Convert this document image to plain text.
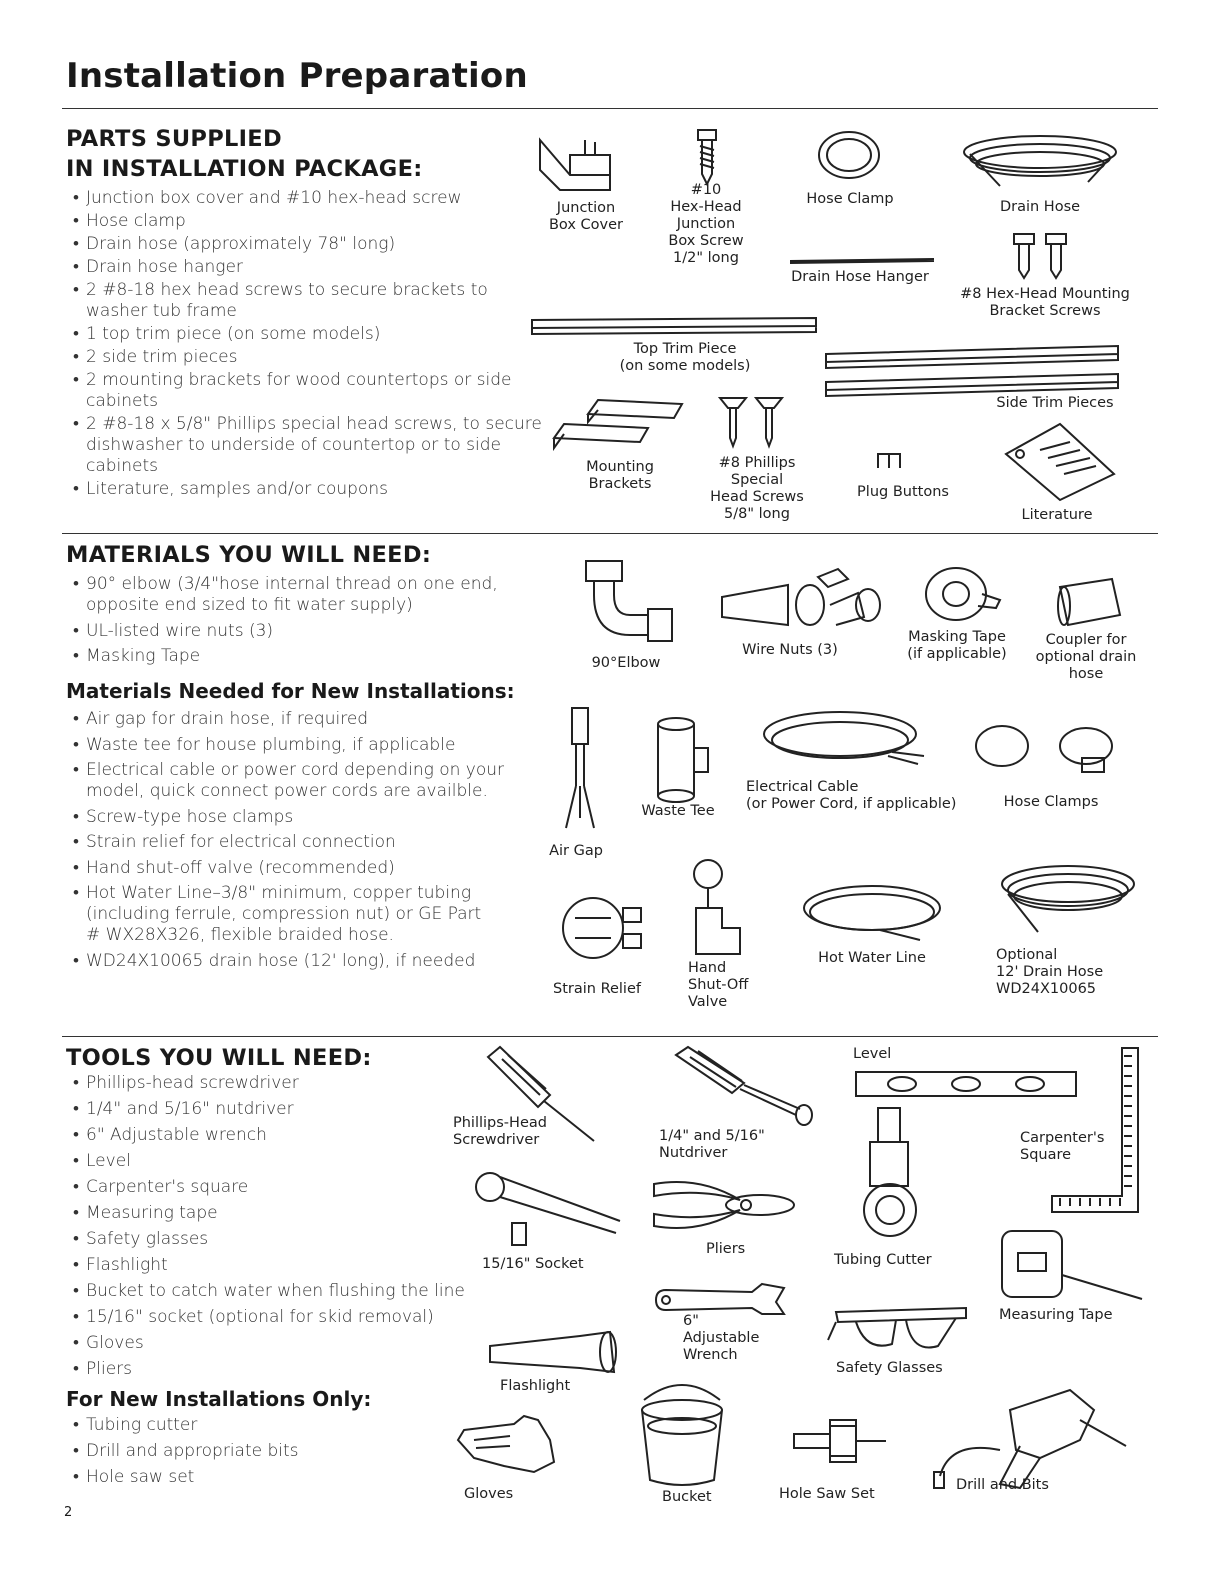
Installation Preparation
PARTS SUPPLIED
IN INSTALLATION PACKAGE:
• Junction box cover and #10 hex-head screw
• Hose clamp
• Drain hose (approximately 78" long)
• Drain hose hanger
• 2 #8-18 hex head screws to secure brackets to washer tub frame
• 1 top trim piece (on some models)
• 2 side trim pieces
• 2 mounting brackets for wood countertops or side cabinets
• 2 #8-18 x 5/8" Phillips special head screws, to secure dishwasher to underside of countertop or to side cabinets
• Literature, samples and/or coupons
Junction
Box Cover
#10
Hex-Head
Junction
Box Screw
1/2" long
Hose Clamp	Drain Hose
Drain Hose Hanger
#8 Hex-Head Mounting
Bracket Screws
Top Trim Piece
(on some models)
Side Trim Pieces
Mounting
Brackets
#8 Phillips
Special
Head Screws
5/8" long
Plug Buttons
Literature
MATERIALS YOU WILL NEED:
• 90° elbow (3/4"hose internal thread on one end, opposite end sized to fit water supply)
• UL-listed wire nuts (3)
• Masking Tape
Materials Needed for New Installations:
• Air gap for drain hose, if required
• Waste tee for house plumbing, if applicable
• Electrical cable or power cord depending on your model, quick connect power cords are availble.
• Screw-type hose clamps
• Strain relief for electrical connection
• Hand shut-off valve (recommended)
• Hot Water Line–3/8" minimum, copper tubing (including ferrule, compression nut) or GE Part # WX28X326, flexible braided hose.
• WD24X10065 drain hose (12' long), if needed
90°Elbow
Wire Nuts (3)
Masking Tape
(if applicable)
Coupler for
optional drain
hose
Air Gap
Waste Tee
Electrical Cable
(or Power Cord, if applicable)	Hose Clamps
Strain Relief
Hand
Shut-Off
Valve
Hot Water Line	Optional
12' Drain Hose
WD24X10065
TOOLS YOU WILL NEED:
• Phillips-head screwdriver
• 1/4" and 5/16" nutdriver
• 6" Adjustable wrench
• Level
• Carpenter's square
• Measuring tape
• Safety glasses
• Flashlight
• Bucket to catch water when flushing the line
• 15/16" socket (optional for skid removal)
• Gloves
• Pliers
For New Installations Only:
• Tubing cutter
• Drill and appropriate bits
• Hole saw set
Phillips-Head
Screwdriver	1/4" and 5/16"
Nutdriver
Level
Carpenter's
Square
15/16" Socket
Pliers
Tubing Cutter
Measuring Tape
6"
Adjustable
Wrench
Safety Glasses
Flashlight
Gloves	Bucket	Hole Saw Set
Drill and Bits
2
